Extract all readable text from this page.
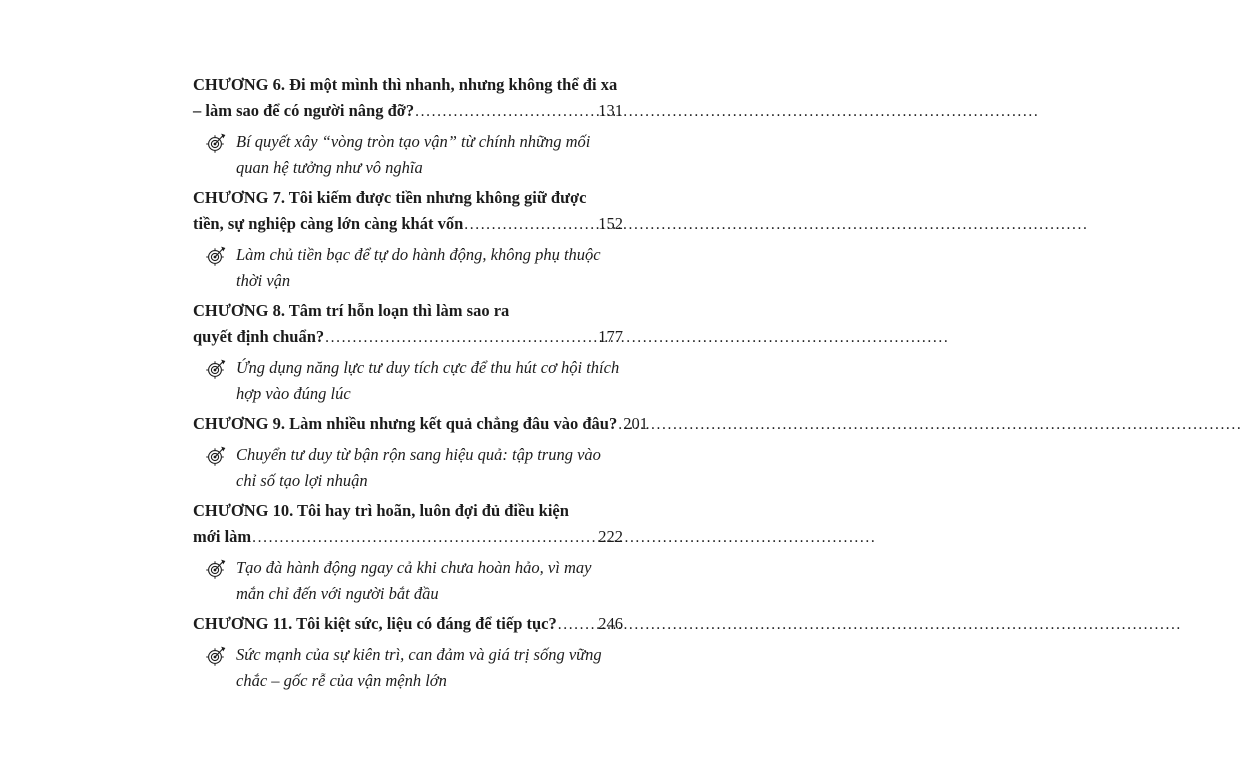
CHƯƠNG 6. Đi một mình thì nhanh, nhưng không thể đi xa
– làm sao để có người nâng đỡ? .....	131
Bí quyết xây “vòng tròn tạo vận” từ chính những mối quan hệ tưởng như vô nghĩa
CHƯƠNG 7. Tôi kiếm được tiền nhưng không giữ được
tiền, sự nghiệp càng lớn càng khát vốn .....	152
Làm chủ tiền bạc để tự do hành động, không phụ thuộc thời vận
CHƯƠNG 8. Tâm trí hỗn loạn thì làm sao ra
quyết định chuẩn? .....	177
Ứng dụng năng lực tư duy tích cực để thu hút cơ hội thích hợp vào đúng lúc
CHƯƠNG 9. Làm nhiều nhưng kết quả chẳng đâu vào đâu? ..... 201
Chuyển tư duy từ bận rộn sang hiệu quả: tập trung vào chỉ số tạo lợi nhuận
CHƯƠNG 10. Tôi hay trì hoãn, luôn đợi đủ điều kiện
mới làm .....	222
Tạo đà hành động ngay cả khi chưa hoàn hảo, vì may mắn chỉ đến với người bắt đầu
CHƯƠNG 11. Tôi kiệt sức, liệu có đáng để tiếp tục? .....	246
Sức mạnh của sự kiên trì, can đảm và giá trị sống vững chắc – gốc rễ của vận mệnh lớn
